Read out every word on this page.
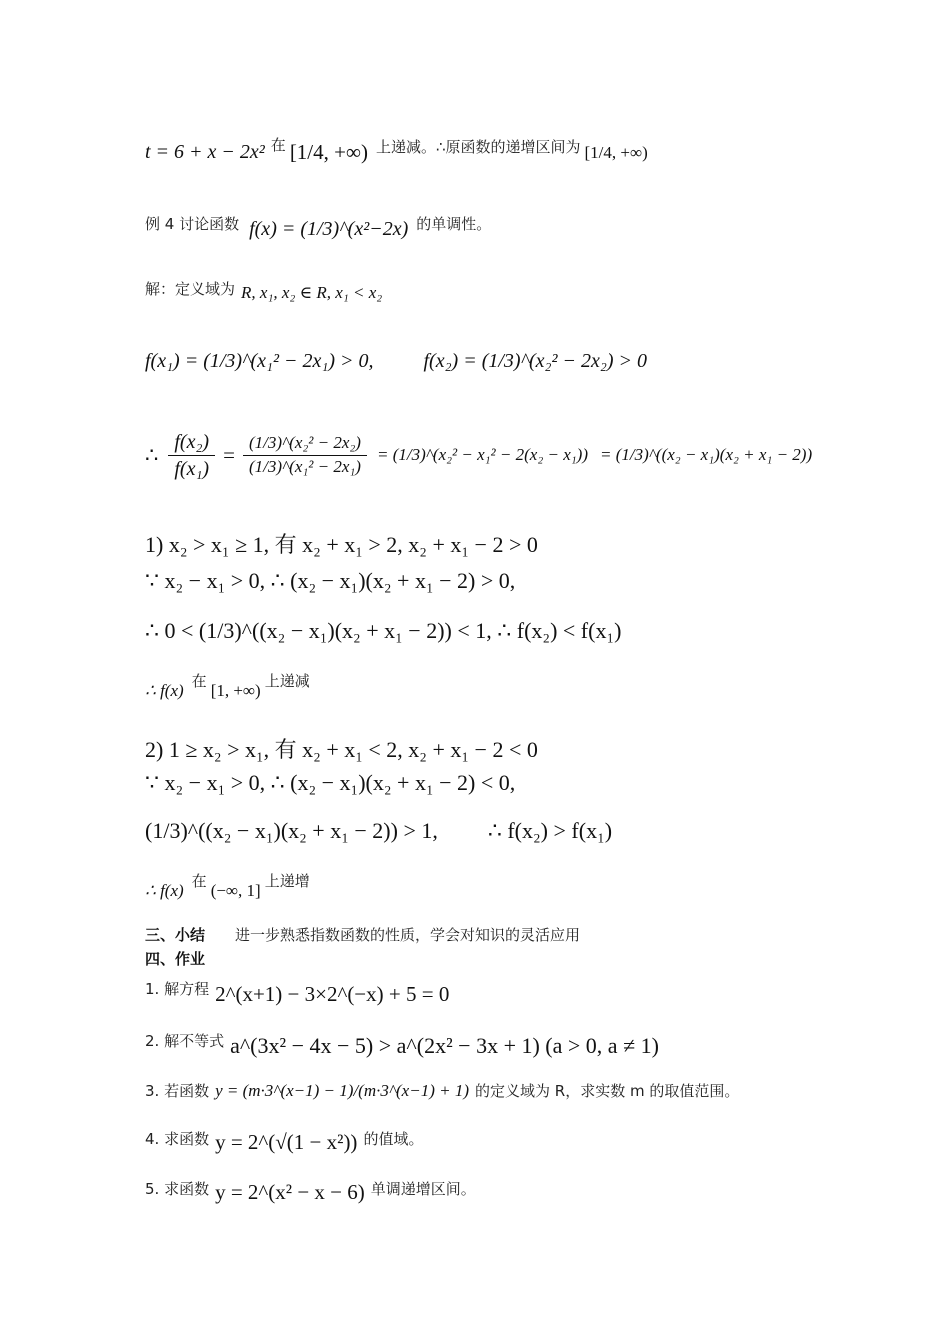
t = 6 + x − 2x² 在 [1/4, +∞) 上递减。∴原函数的递增区间为 [1/4, +∞)
例 4 讨论函数 f(x) = (1/3)^(x²−2x) 的单调性。
解：定义域为 R, x₁, x₂ ∈ R, x₁ < x₂
f(x₁) = (1/3)^(x₁² − 2x₁) > 0,	f(x₂) = (1/3)^(x₂² − 2x₂) > 0
∴ $\frac{\text{f(x₂)}}{\text{f(x₁)}} = \frac{\text{(1/3)\textasciicircum{}(x₂² − 2x₂)}}{\text{(1/3)\textasciicircum{}(x₁² − 2x₁)}}$ = (1/3)^(x₂² − x₁² − 2(x₂ − x₁)) = (1/3)^((x₂ − x₁)(x₂ + x₁ − 2))
1) x₂ > x₁ ≥ 1, 有 x₂ + x₁ > 2, x₂ + x₁ − 2 > 0
∵ x₂ − x₁ > 0, ∴ (x₂ − x₁)(x₂ + x₁ − 2) > 0,
∴ 0 < (1/3)^((x₂ − x₁)(x₂ + x₁ − 2)) < 1, ∴ f(x₂) < f(x₁)
∴ f(x) 在 [1, +∞) 上递减
2) 1 ≥ x₂ > x₁, 有 x₂ + x₁ < 2, x₂ + x₁ − 2 < 0
∵ x₂ − x₁ > 0, ∴ (x₂ − x₁)(x₂ + x₁ − 2) < 0,
(1/3)^((x₂ − x₁)(x₂ + x₁ − 2)) > 1, ∴ f(x₂) > f(x₁)
∴ f(x) 在 (−∞, 1] 上递增
三、小结 进一步熟悉指数函数的性质，学会对知识的灵活应用
四、作业
1. 解方程 2^(x+1) − 3×2^(−x) + 5 = 0
2. 解不等式 a^(3x² − 4x − 5) > a^(2x² − 3x + 1) (a > 0, a ≠ 1)
3. 若函数 y = (m·3^(x−1) − 1)/(m·3^(x−1) + 1) 的定义域为 R，求实数 m 的取值范围。
4. 求函数 y = 2^(√(1 − x²)) 的值域。
5. 求函数 y = 2^(x² − x − 6) 单调递增区间。
